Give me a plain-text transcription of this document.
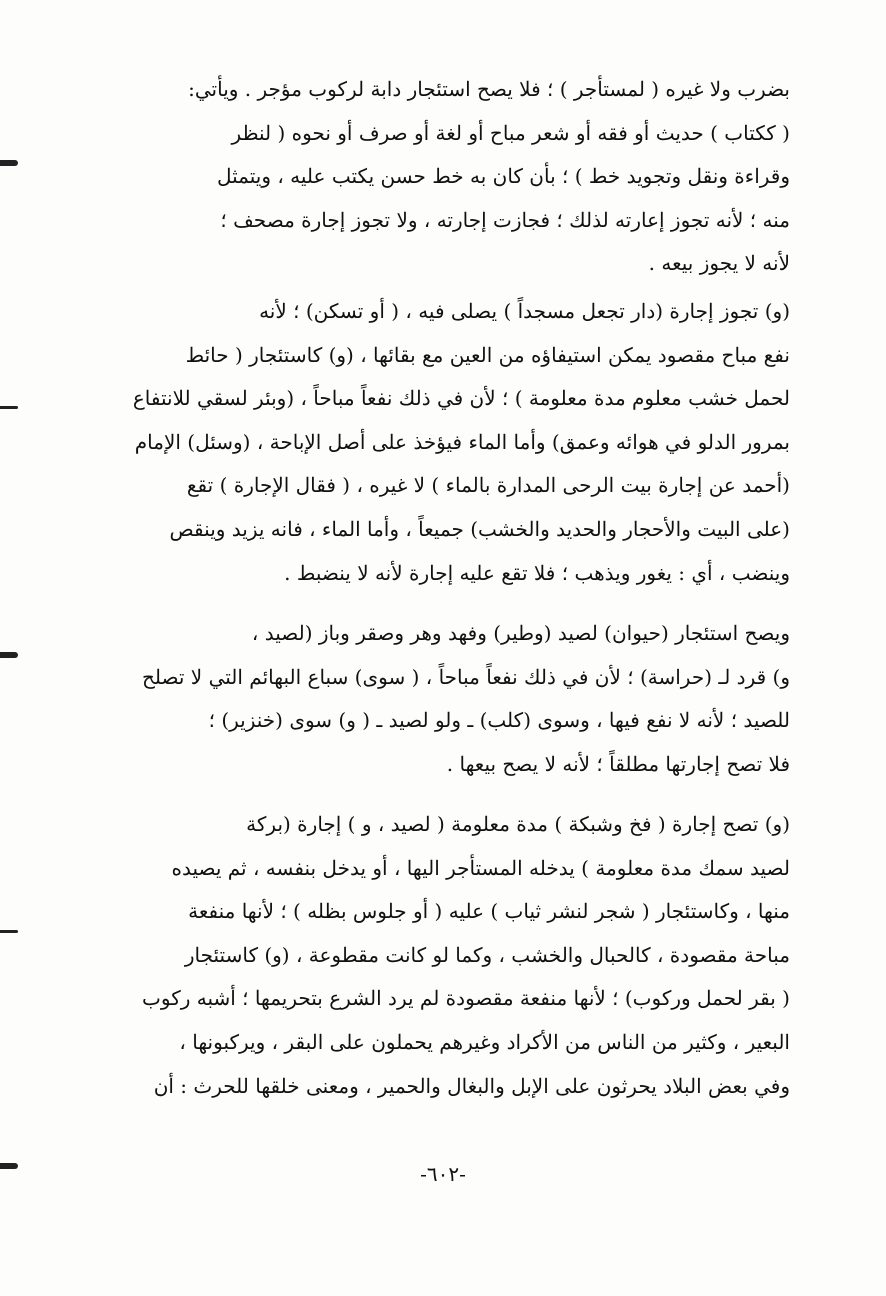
بضرب ولا غيره ( لمستأجر ) ؛ فلا يصح استئجار دابة لركوب مؤجر . ويأتي:
( ككتاب ) حديث أو فقه أو شعر مباح أو لغة أو صرف أو نحوه ( لنظر
وقراءة ونقل وتجويد خط ) ؛ بأن كان به خط حسن يكتب عليه ، ويتمثل
منه ؛ لأنه تجوز إعارته لذلك ؛ فجازت إجارته ، ولا تجوز إجارة مصحف ؛
لأنه لا يجوز بيعه .
(و) تجوز إجارة (دار تجعل مسجداً ) يصلى فيه ، ( أو تسكن) ؛ لأنه
نفع مباح مقصود يمكن استيفاؤه من العين مع بقائها ، (و) كاستئجار ( حائط
لحمل خشب معلوم مدة معلومة ) ؛ لأن في ذلك نفعاً مباحاً ، (وبئر لسقي للانتفاع
بمرور الدلو في هوائه وعمق) وأما الماء فيؤخذ على أصل الإباحة ، (وسئل) الإمام
(أحمد عن إجارة بيت الرحى المدارة بالماء ) لا غيره ، ( فقال الإجارة ) تقع
(على البيت والأحجار والحديد والخشب) جميعاً ، وأما الماء ، فانه يزيد وينقص
وينضب ، أي : يغور ويذهب ؛ فلا تقع عليه إجارة لأنه لا ينضبط .
ويصح استئجار (حيوان) لصيد (وطير) وفهد وهر وصقر وباز (لصيد ،
و) قرد لـ (حراسة) ؛ لأن في ذلك نفعاً مباحاً ، ( سوى) سباع البهائم التي لا تصلح
للصيد ؛ لأنه لا نفع فيها ، وسوى (كلب) ـ ولو لصيد ـ ( و) سوى (خنزير) ؛
فلا تصح إجارتها مطلقاً ؛ لأنه لا يصح بيعها .
(و) تصح إجارة ( فخ وشبكة ) مدة معلومة ( لصيد ، و ) إجارة (بركة
لصيد سمك مدة معلومة ) يدخله المستأجر اليها ، أو يدخل بنفسه ، ثم يصيده
منها ، وكاستئجار ( شجر لنشر ثياب ) عليه ( أو جلوس بظله ) ؛ لأنها منفعة
مباحة مقصودة ، كالحبال والخشب ، وكما لو كانت مقطوعة ، (و) كاستئجار
( بقر لحمل وركوب) ؛ لأنها منفعة مقصودة لم يرد الشرع بتحريمها ؛ أشبه ركوب
البعير ، وكثير من الناس من الأكراد وغيرهم يحملون على البقر ، ويركبونها ،
وفي بعض البلاد يحرثون على الإبل والبغال والحمير ، ومعنى خلقها للحرث : أن
-٦٠٢-
